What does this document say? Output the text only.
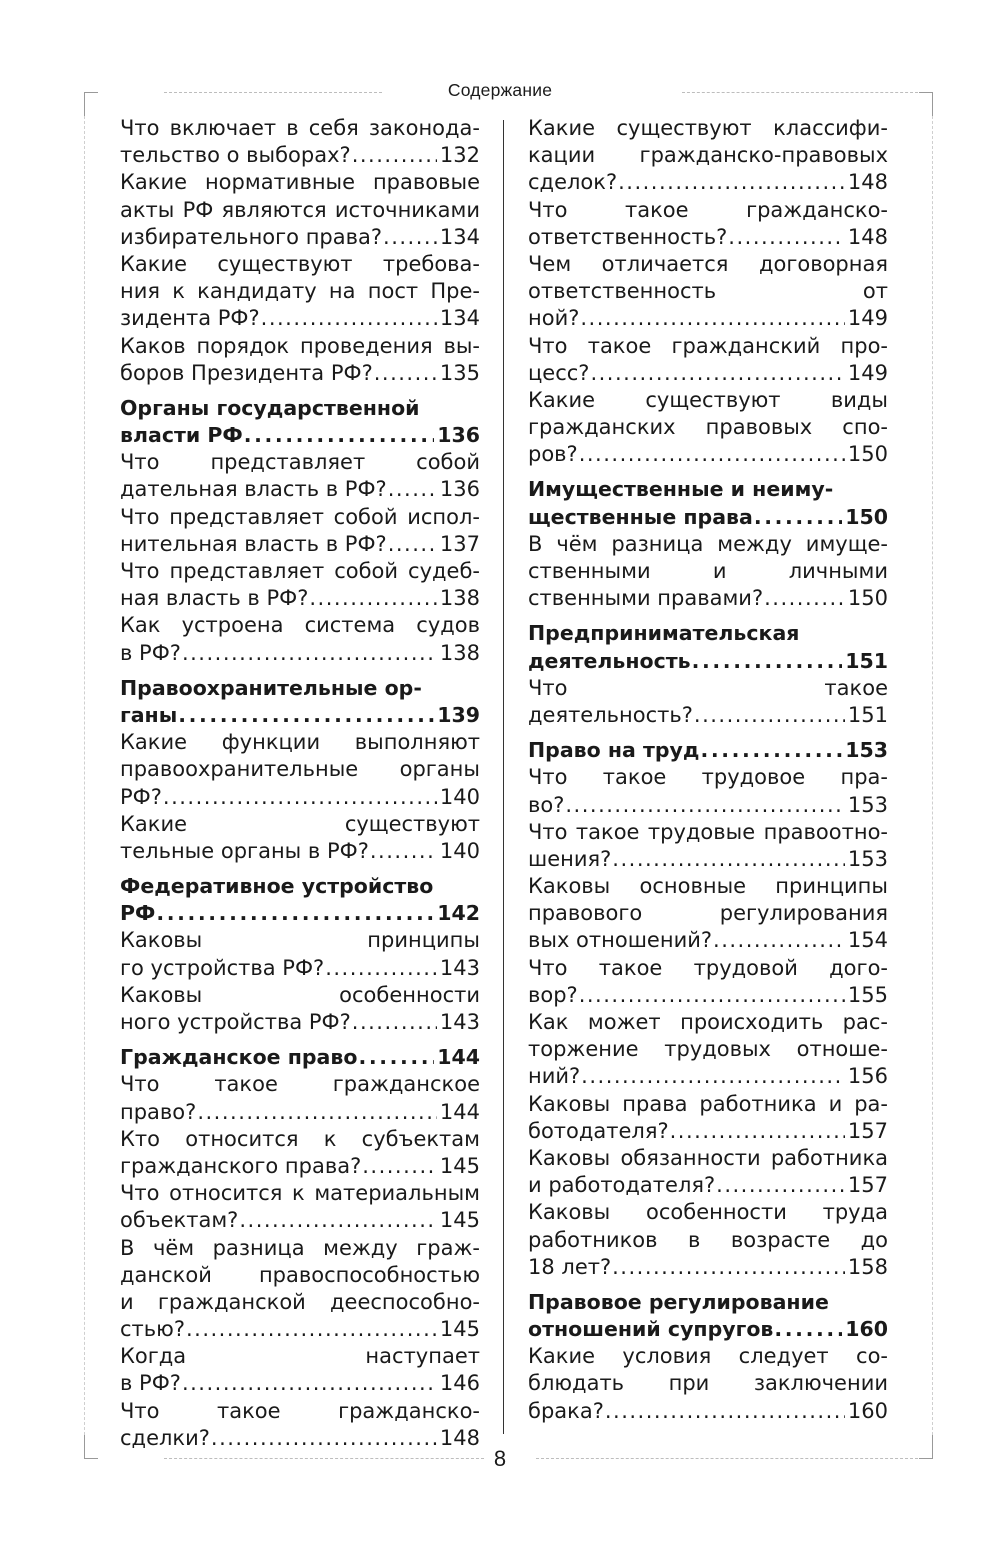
Содержание
Что включает в себя законода-
тельство о выборах? .....	132
Какие нормативные правовые
акты РФ являются источниками
избирательного права? .....	134
Какие существуют требова-
ния к кандидату на пост Пре-
зидента РФ? .....	134
Каков порядок проведения вы-
боров Президента РФ? .....	135
Органы государственной
власти РФ .....	136
Что представляет собой
дательная власть в РФ? .....	136
Что представляет собой испол-
нительная власть в РФ? .....	137
Что представляет собой судеб-
ная власть в РФ? .....	138
Как устроена система судов
в РФ? .....	138
Правоохранительные ор-
ганы .....	139
Какие функции выполняют
правоохранительные органы
РФ? .....	140
Какие существуют
тельные органы в РФ? .....	140
Федеративное устройство
РФ .....	142
Каковы принципы
го устройства РФ? .....	143
Каковы особенности
ного устройства РФ? .....	143
Гражданское право .....	144
Что такое гражданское
право? .....	144
Кто относится к субъектам
гражданского права? .....	145
Что относится к материальным
объектам? .....	145
В чём разница между граж-
данской правоспособностью
и гражданской дееспособно-
стью? .....	145
Когда наступает
в РФ? .....	146
Что такое гражданско-
сделки? .....	148
Какие существуют классифи-
кации гражданско-правовых
сделок? .....	148
Что такое гражданско-
ответственность? .....	148
Чем отличается договорная
ответственность от
ной? .....	149
Что такое гражданский про-
цесс? .....	149
Какие существуют виды
гражданских правовых спо-
ров? .....	150
Имущественные и неиму-
щественные права .....	150
В чём разница между имуще-
ственными и личными
ственными правами? .....	150
Предпринимательская
деятельность .....	151
Что такое
деятельность? .....	151
Право на труд .....	153
Что такое трудовое пра-
во? .....	153
Что такое трудовые правоотно-
шения? .....	153
Каковы основные принципы
правового регулирования
вых отношений? .....	154
Что такое трудовой дого-
вор? .....	155
Как может происходить рас-
торжение трудовых отноше-
ний? .....	156
Каковы права работника и ра-
ботодателя? .....	157
Каковы обязанности работника
и работодателя? .....	157
Каковы особенности труда
работников в возрасте до
18 лет? .....	158
Правовое регулирование
отношений супругов .....	160
Какие условия следует со-
блюдать при заключении
брака? .....	160
8
